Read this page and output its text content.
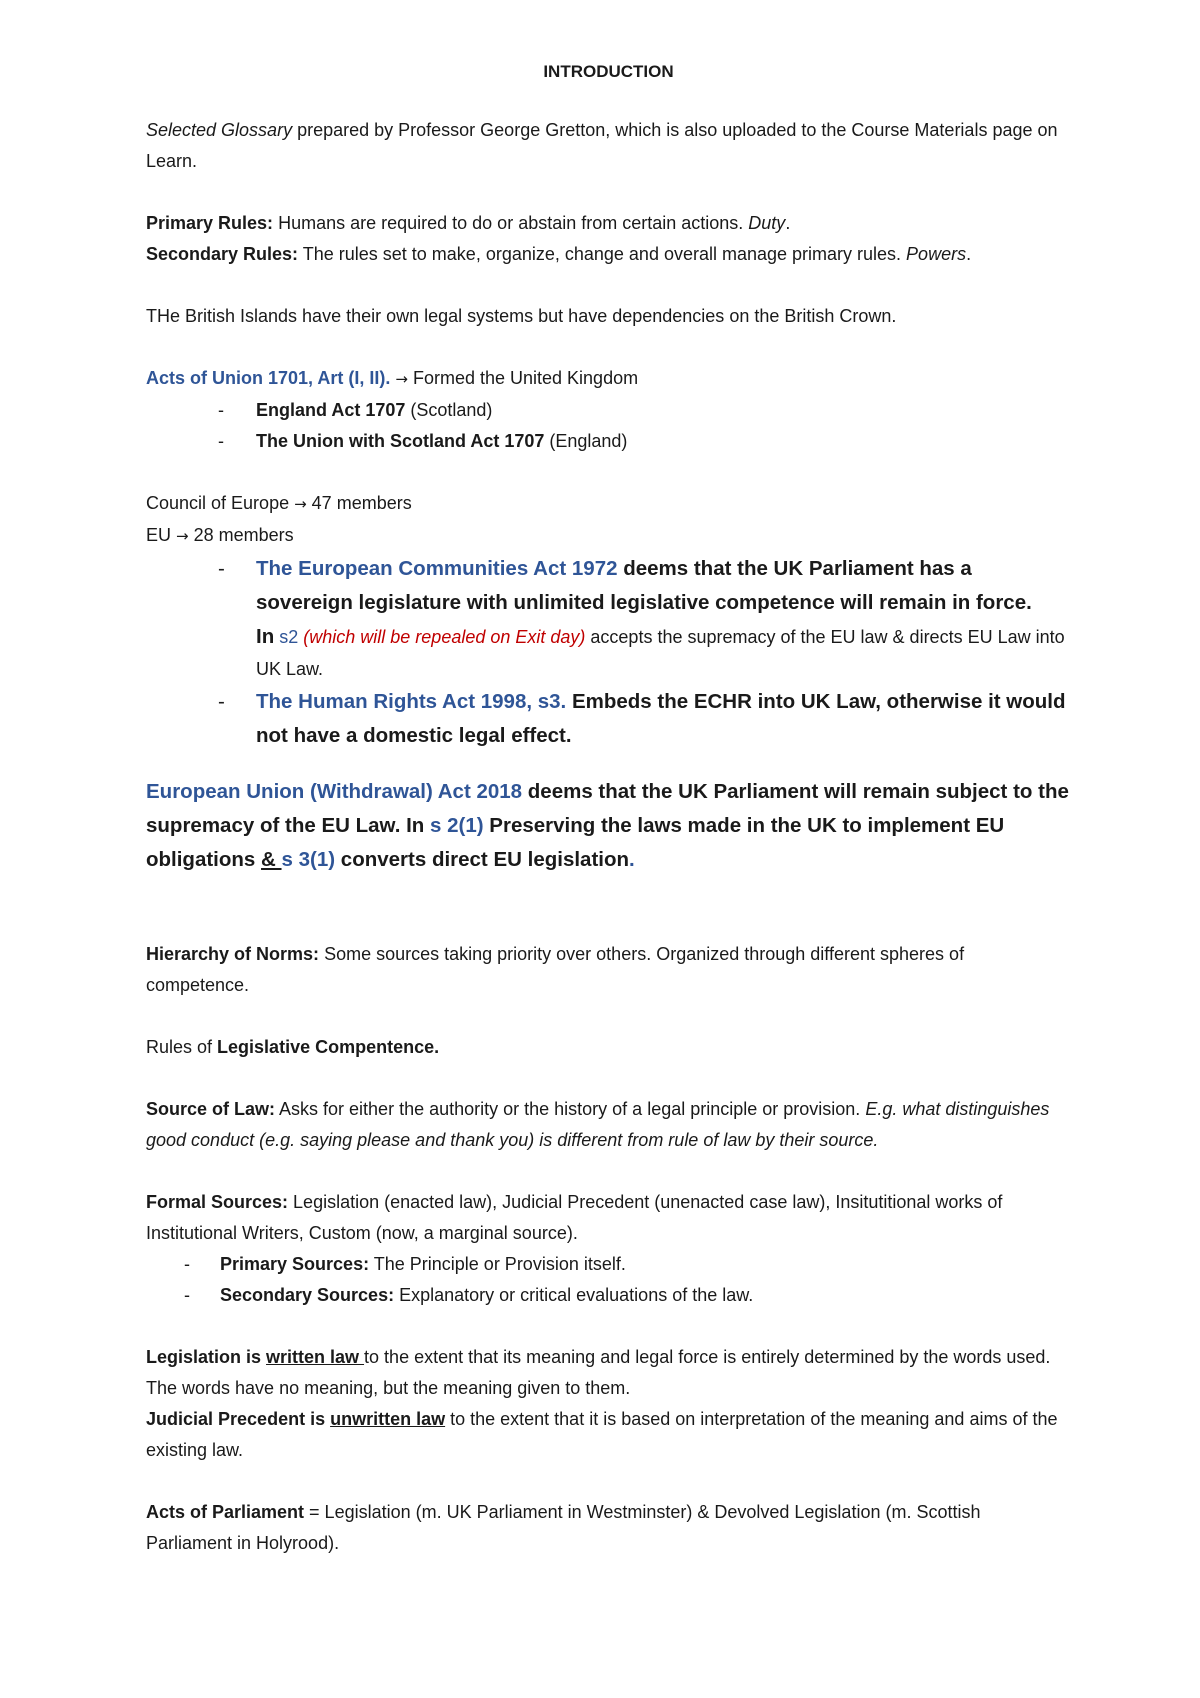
INTRODUCTION

Selected Glossary prepared by Professor George Gretton, which is also uploaded to the Course Materials page on Learn.

Primary Rules: Humans are required to do or abstain from certain actions. Duty.

Secondary Rules: The rules set to make, organize, change and overall manage primary rules. Powers.

THe British Islands have their own legal systems but have dependencies on the British Crown.

Acts of Union 1701, Art (I, II). → Formed the United Kingdom

- England Act 1707 (Scotland)
- The Union with Scotland Act 1707 (England)

Council of Europe → 47 members

EU → 28 members

- The European Communities Act 1972 deems that the UK Parliament has a sovereign legislature with unlimited legislative competence will remain in force.
In s2 (which will be repealed on Exit day) accepts the supremacy of the EU law & directs EU Law into UK Law.
- The Human Rights Act 1998, s3. Embeds the ECHR into UK Law, otherwise it would not have a domestic legal effect.

European Union (Withdrawal) Act 2018 deems that the UK Parliament will remain subject to the supremacy of the EU Law. In s 2(1) Preserving the laws made in the UK to implement EU obligations & s 3(1) converts direct EU legislation.

Hierarchy of Norms: Some sources taking priority over others. Organized through different spheres of competence.

Rules of Legislative Compentence.

Source of Law: Asks for either the authority or the history of a legal principle or provision. E.g. what distinguishes good conduct (e.g. saying please and thank you) is different from rule of law by their source.

Formal Sources: Legislation (enacted law), Judicial Precedent (unenacted case law), Insitutitional works of Institutional Writers, Custom (now, a marginal source).

- Primary Sources: The Principle or Provision itself.
- Secondary Sources: Explanatory or critical evaluations of the law.

Legislation is written law to the extent that its meaning and legal force is entirely determined by the words used. The words have no meaning, but the meaning given to them.

Judicial Precedent is unwritten law to the extent that it is based on interpretation of the meaning and aims of the existing law.

Acts of Parliament = Legislation (m. UK Parliament in Westminster) & Devolved Legislation (m. Scottish Parliament in Holyrood).
